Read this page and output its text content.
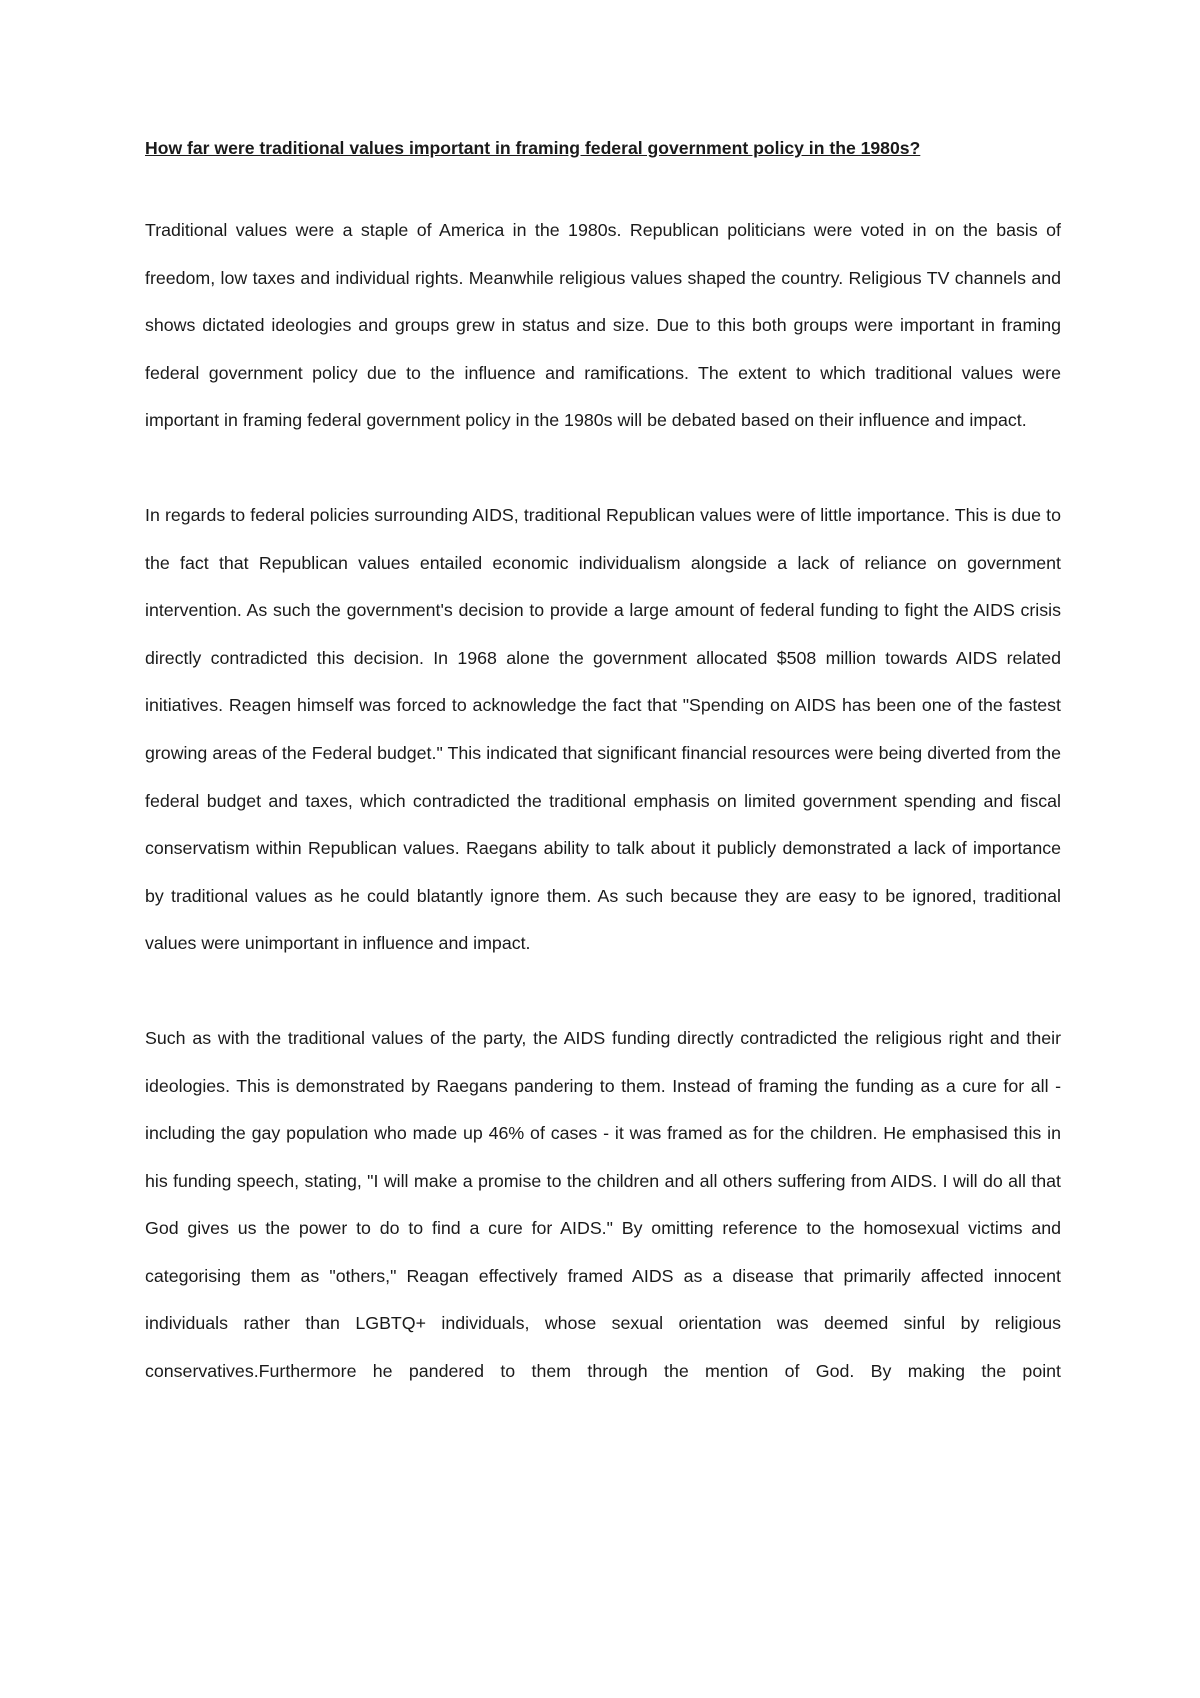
How far were traditional values important in framing federal government policy in the 1980s?

Traditional values were a staple of America in the 1980s. Republican politicians were voted in on the basis of freedom, low taxes and individual rights. Meanwhile religious values shaped the country. Religious TV channels and shows dictated ideologies and groups grew in status and size. Due to this both groups were important in framing federal government policy due to the influence and ramifications. The extent to which traditional values were important in framing federal government policy in the 1980s will be debated based on their influence and impact.

In regards to federal policies surrounding AIDS, traditional Republican values were of little importance. This is due to the fact that Republican values entailed economic individualism alongside a lack of reliance on government intervention. As such the government's decision to provide a large amount of federal funding to fight the AIDS crisis directly contradicted this decision. In 1968 alone the government allocated $508 million towards AIDS related initiatives. Reagen himself was forced to acknowledge the fact that "Spending on AIDS has been one of the fastest growing areas of the Federal budget." This indicated that significant financial resources were being diverted from the federal budget and taxes, which contradicted the traditional emphasis on limited government spending and fiscal conservatism within Republican values. Raegans ability to talk about it publicly demonstrated a lack of importance by traditional values as he could blatantly ignore them. As such because they are easy to be ignored, traditional values were unimportant in influence and impact.

Such as with the traditional values of the party, the AIDS funding directly contradicted the religious right and their ideologies. This is demonstrated by Raegans pandering to them. Instead of framing the funding as a cure for all - including the gay population who made up 46% of cases - it was framed as for the children. He emphasised this in his funding speech, stating, "I will make a promise to the children and all others suffering from AIDS. I will do all that God gives us the power to do to find a cure for AIDS." By omitting reference to the homosexual victims and categorising them as "others," Reagan effectively framed AIDS as a disease that primarily affected innocent individuals rather than LGBTQ+ individuals, whose sexual orientation was deemed sinful by religious conservatives.Furthermore he pandered to them through the mention of God. By making the point
